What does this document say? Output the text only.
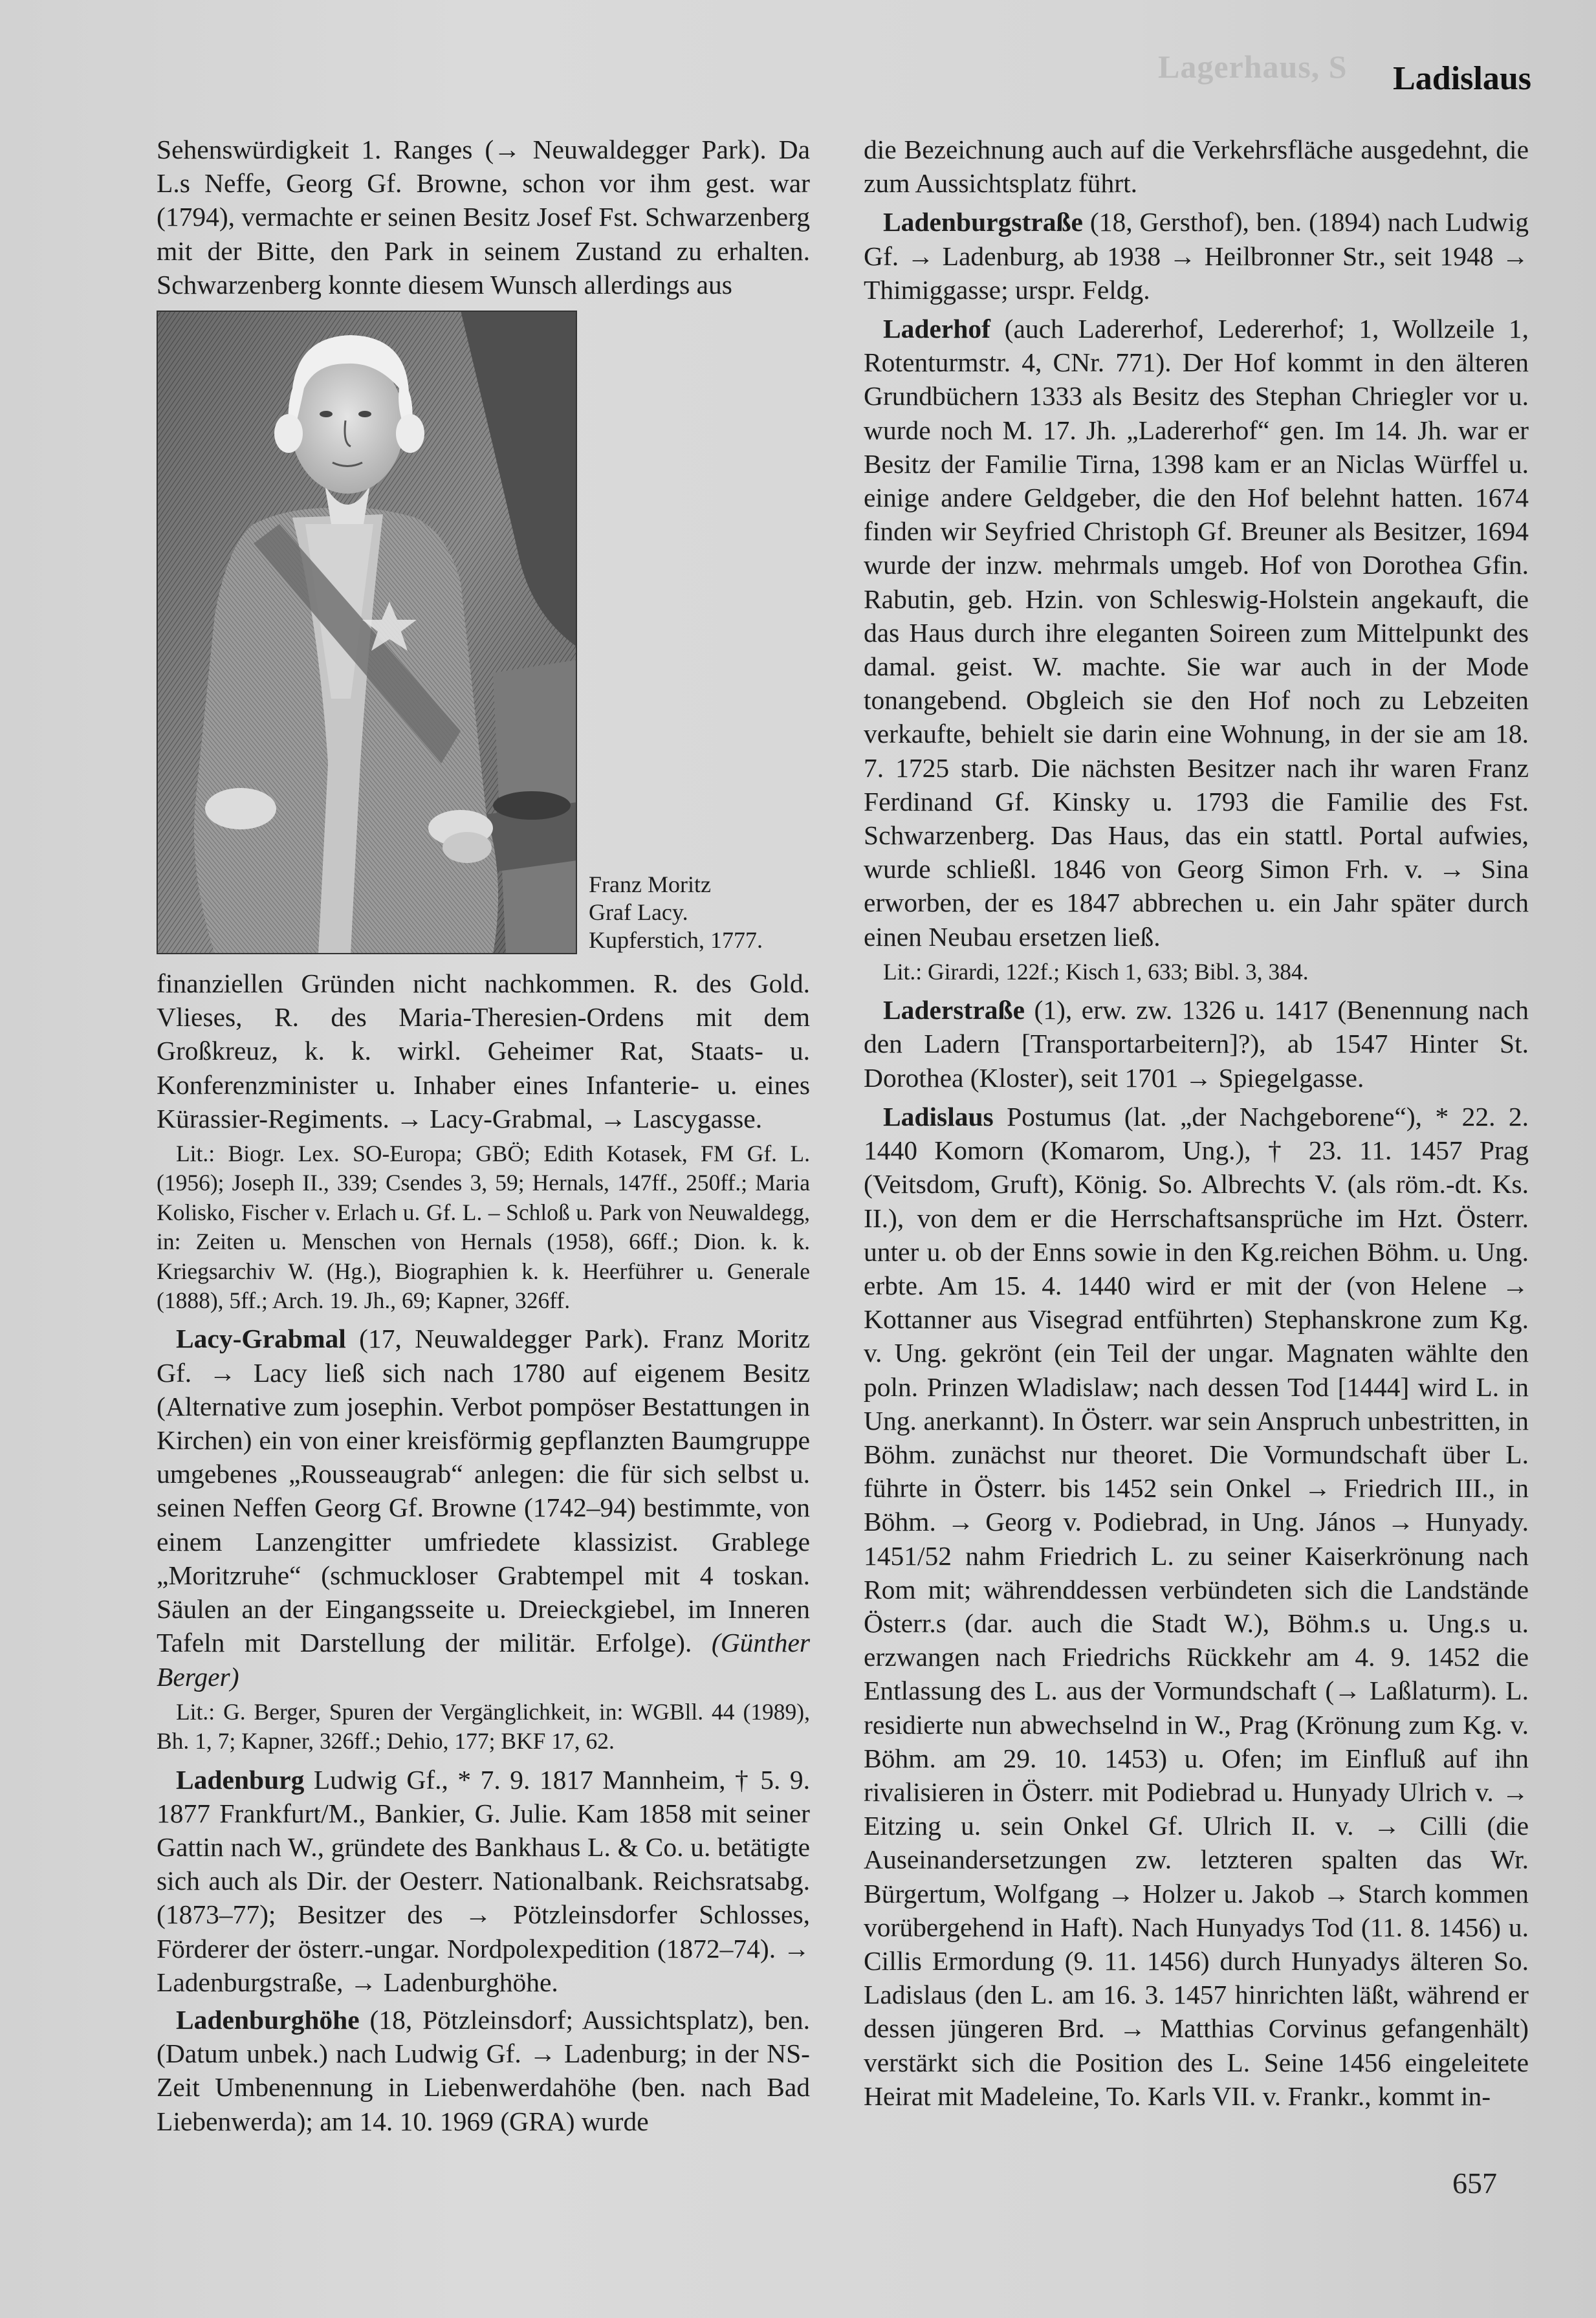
Lagerhaus, S Ladislaus

Sehenswürdigkeit 1. Ranges (→ Neuwaldegger Park). Da L.s Neffe, Georg Gf. Browne, schon vor ihm gest. war (1794), vermachte er seinen Besitz Josef Fst. Schwarzenberg mit der Bitte, den Park in seinem Zustand zu erhalten. Schwarzenberg konnte diesem Wunsch allerdings aus

Franz Moritz
Graf Lacy.
Kupferstich, 1777.

finanziellen Gründen nicht nachkommen. R. des Gold. Vlieses, R. des Maria-Theresien-Ordens mit dem Großkreuz, k. k. wirkl. Geheimer Rat, Staats- u. Konferenzminister u. Inhaber eines Infanterie- u. eines Kürassier-Regiments. → Lacy-Grabmal, → Lascygasse.

Lit.: Biogr. Lex. SO-Europa; GBÖ; Edith Kotasek, FM Gf. L. (1956); Joseph II., 339; Csendes 3, 59; Hernals, 147ff., 250ff.; Maria Kolisko, Fischer v. Erlach u. Gf. L. – Schloß u. Park von Neuwaldegg, in: Zeiten u. Menschen von Hernals (1958), 66ff.; Dion. k. k. Kriegsarchiv W. (Hg.), Biographien k. k. Heerführer u. Generale (1888), 5ff.; Arch. 19. Jh., 69; Kapner, 326ff.

Lacy-Grabmal (17, Neuwaldegger Park). Franz Moritz Gf. → Lacy ließ sich nach 1780 auf eigenem Besitz (Alternative zum josephin. Verbot pompöser Bestattungen in Kirchen) ein von einer kreisförmig gepflanzten Baumgruppe umgebenes „Rousseaugrab“ anlegen: die für sich selbst u. seinen Neffen Georg Gf. Browne (1742–94) bestimmte, von einem Lanzengitter umfriedete klassizist. Grablege „Moritzruhe“ (schmuckloser Grabtempel mit 4 toskan. Säulen an der Eingangsseite u. Dreieckgiebel, im Inneren Tafeln mit Darstellung der militär. Erfolge). (Günther Berger)

Lit.: G. Berger, Spuren der Vergänglichkeit, in: WGBll. 44 (1989), Bh. 1, 7; Kapner, 326ff.; Dehio, 177; BKF 17, 62.

Ladenburg Ludwig Gf., * 7. 9. 1817 Mannheim, † 5. 9. 1877 Frankfurt/M., Bankier, G. Julie. Kam 1858 mit seiner Gattin nach W., gründete des Bankhaus L. & Co. u. betätigte sich auch als Dir. der Oesterr. Nationalbank. Reichsratsabg. (1873–77); Besitzer des → Pötzleinsdorfer Schlosses, Förderer der österr.-ungar. Nordpolexpedition (1872–74). → Ladenburgstraße, → Ladenburghöhe.

Ladenburghöhe (18, Pötzleinsdorf; Aussichtsplatz), ben. (Datum unbek.) nach Ludwig Gf. → Ladenburg; in der NS-Zeit Umbenennung in Liebenwerdahöhe (ben. nach Bad Liebenwerda); am 14. 10. 1969 (GRA) wurde

die Bezeichnung auch auf die Verkehrsfläche ausgedehnt, die zum Aussichtsplatz führt.

Ladenburgstraße (18, Gersthof), ben. (1894) nach Ludwig Gf. → Ladenburg, ab 1938 → Heilbronner Str., seit 1948 → Thimiggasse; urspr. Feldg.

Laderhof (auch Ladererhof, Ledererhof; 1, Wollzeile 1, Rotenturmstr. 4, CNr. 771). Der Hof kommt in den älteren Grundbüchern 1333 als Besitz des Stephan Chriegler vor u. wurde noch M. 17. Jh. „Ladererhof“ gen. Im 14. Jh. war er Besitz der Familie Tirna, 1398 kam er an Niclas Würffel u. einige andere Geldgeber, die den Hof belehnt hatten. 1674 finden wir Seyfried Christoph Gf. Breuner als Besitzer, 1694 wurde der inzw. mehrmals umgeb. Hof von Dorothea Gfin. Rabutin, geb. Hzin. von Schleswig-Holstein angekauft, die das Haus durch ihre eleganten Soireen zum Mittelpunkt des damal. geist. W. machte. Sie war auch in der Mode tonangebend. Obgleich sie den Hof noch zu Lebzeiten verkaufte, behielt sie darin eine Wohnung, in der sie am 18. 7. 1725 starb. Die nächsten Besitzer nach ihr waren Franz Ferdinand Gf. Kinsky u. 1793 die Familie des Fst. Schwarzenberg. Das Haus, das ein stattl. Portal aufwies, wurde schließl. 1846 von Georg Simon Frh. v. → Sina erworben, der es 1847 abbrechen u. ein Jahr später durch einen Neubau ersetzen ließ.

Lit.: Girardi, 122f.; Kisch 1, 633; Bibl. 3, 384.

Laderstraße (1), erw. zw. 1326 u. 1417 (Benennung nach den Ladern [Transportarbeitern]?), ab 1547 Hinter St. Dorothea (Kloster), seit 1701 → Spiegelgasse.

Ladislaus Postumus (lat. „der Nachgeborene“), * 22. 2. 1440 Komorn (Komarom, Ung.), † 23. 11. 1457 Prag (Veitsdom, Gruft), König. So. Albrechts V. (als röm.-dt. Ks. II.), von dem er die Herrschaftsansprüche im Hzt. Österr. unter u. ob der Enns sowie in den Kg.reichen Böhm. u. Ung. erbte. Am 15. 4. 1440 wird er mit der (von Helene → Kottanner aus Visegrad entführten) Stephanskrone zum Kg. v. Ung. gekrönt (ein Teil der ungar. Magnaten wählte den poln. Prinzen Wladislaw; nach dessen Tod [1444] wird L. in Ung. anerkannt). In Österr. war sein Anspruch unbestritten, in Böhm. zunächst nur theoret. Die Vormundschaft über L. führte in Österr. bis 1452 sein Onkel → Friedrich III., in Böhm. → Georg v. Podiebrad, in Ung. János → Hunyady. 1451/52 nahm Friedrich L. zu seiner Kaiserkrönung nach Rom mit; währenddessen verbündeten sich die Landstände Österr.s (dar. auch die Stadt W.), Böhm.s u. Ung.s u. erzwangen nach Friedrichs Rückkehr am 4. 9. 1452 die Entlassung des L. aus der Vormundschaft (→ Laßlaturm). L. residierte nun abwechselnd in W., Prag (Krönung zum Kg. v. Böhm. am 29. 10. 1453) u. Ofen; im Einfluß auf ihn rivalisieren in Österr. mit Podiebrad u. Hunyady Ulrich v. → Eitzing u. sein Onkel Gf. Ulrich II. v. → Cilli (die Auseinandersetzungen zw. letzteren spalten das Wr. Bürgertum, Wolfgang → Holzer u. Jakob → Starch kommen vorübergehend in Haft). Nach Hunyadys Tod (11. 8. 1456) u. Cillis Ermordung (9. 11. 1456) durch Hunyadys älteren So. Ladislaus (den L. am 16. 3. 1457 hinrichten läßt, während er dessen jüngeren Brd. → Matthias Corvinus gefangenhält) verstärkt sich die Position des L. Seine 1456 eingeleitete Heirat mit Madeleine, To. Karls VII. v. Frankr., kommt in-

657
